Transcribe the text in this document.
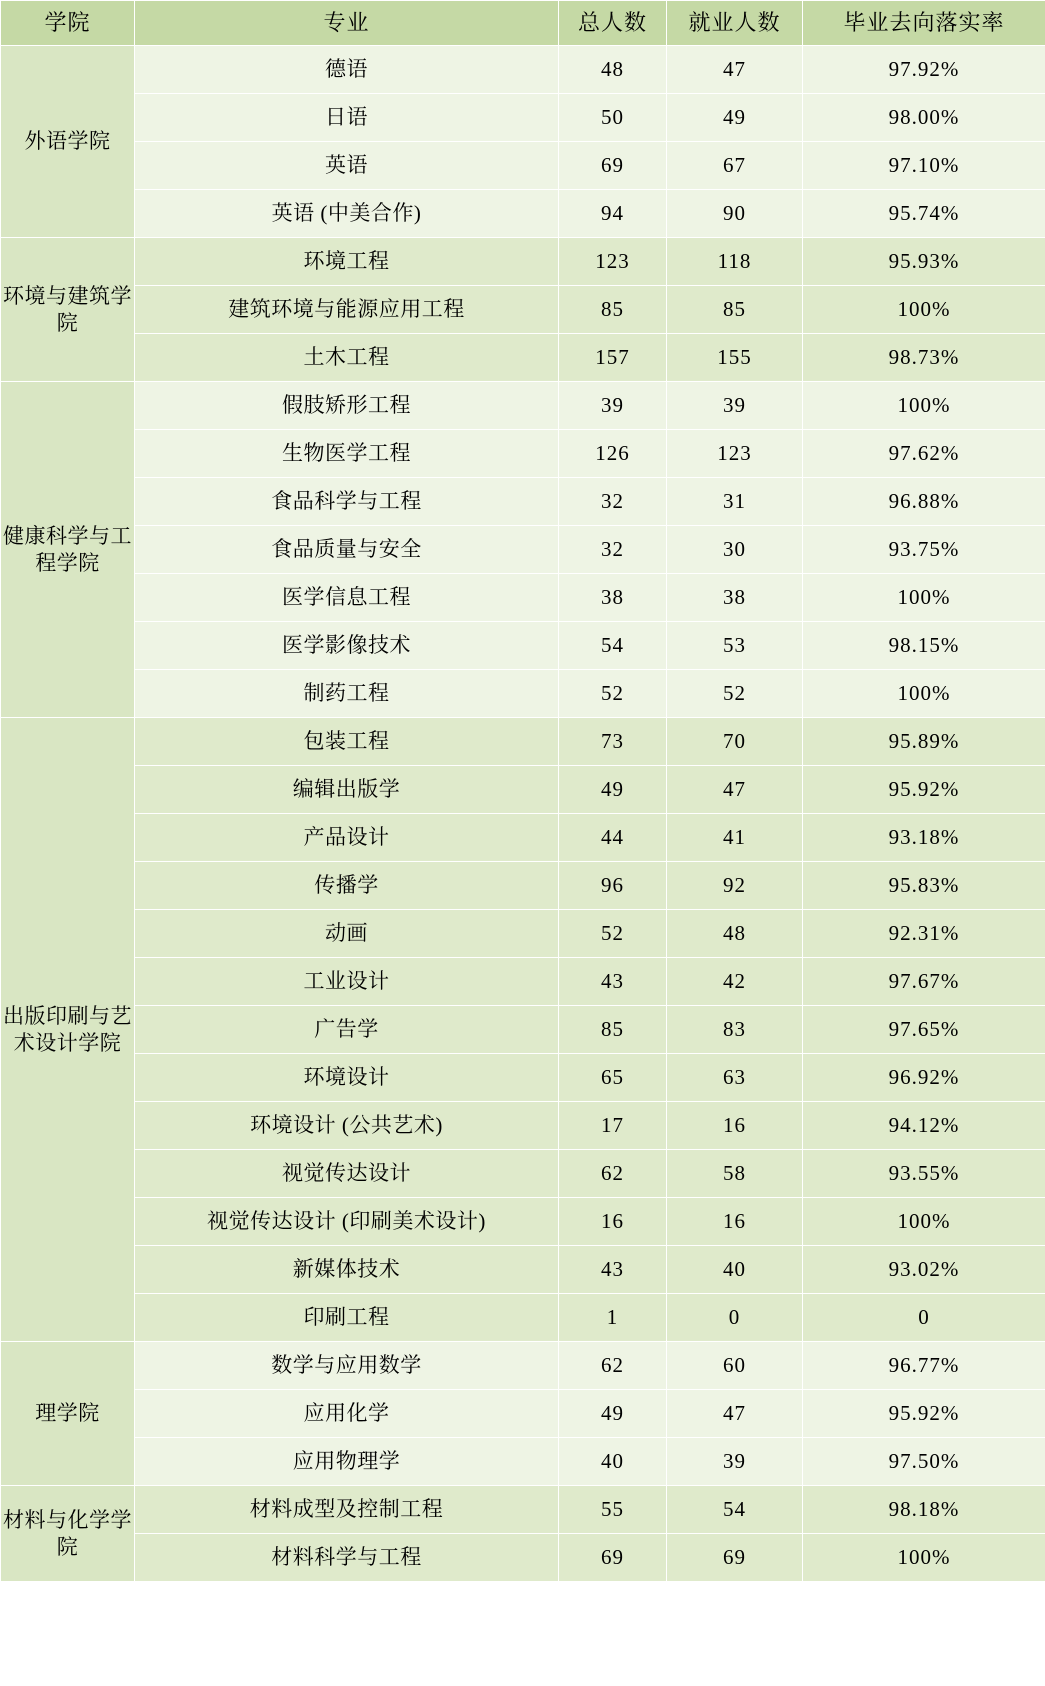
学院	专业	总人数	就业人数	毕业去向落实率
外语学院	德语	48	47	97.92%
	日语	50	49	98.00%
	英语	69	67	97.10%
	英语 (中美合作)	94	90	95.74%
环境与建筑学院	环境工程	123	118	95.93%
	建筑环境与能源应用工程	85	85	100%
	土木工程	157	155	98.73%
健康科学与工程学院	假肢矫形工程	39	39	100%
	生物医学工程	126	123	97.62%
	食品科学与工程	32	31	96.88%
	食品质量与安全	32	30	93.75%
	医学信息工程	38	38	100%
	医学影像技术	54	53	98.15%
	制药工程	52	52	100%
出版印刷与艺术设计学院	包装工程	73	70	95.89%
	编辑出版学	49	47	95.92%
	产品设计	44	41	93.18%
	传播学	96	92	95.83%
	动画	52	48	92.31%
	工业设计	43	42	97.67%
	广告学	85	83	97.65%
	环境设计	65	63	96.92%
	环境设计 (公共艺术)	17	16	94.12%
	视觉传达设计	62	58	93.55%
	视觉传达设计 (印刷美术设计)	16	16	100%
	新媒体技术	43	40	93.02%
	印刷工程	1	0	0
理学院	数学与应用数学	62	60	96.77%
	应用化学	49	47	95.92%
	应用物理学	40	39	97.50%
材料与化学学院	材料成型及控制工程	55	54	98.18%
	材料科学与工程	69	69	100%
